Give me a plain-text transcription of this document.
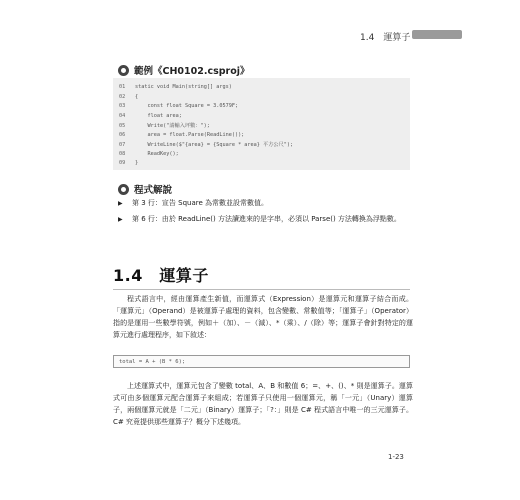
1.4　運算子
範例《CH0102.csproj》
01 static void Main(string[] args)
02 {
03    const float Square = 3.0579F;
04    float area;
05    Write("請輸入坪數：");
06    area = float.Parse(ReadLine());
07    WriteLine($"{area} = {Square * area} 平方公尺");
08    ReadKey();
09 }
程式解說
▶	第 3 行：宣告 Square 為常數並設常數值。
▶	第 6 行：由於 ReadLine() 方法讀進來的是字串，必須以 Parse() 方法轉換為浮點數。
1.4　運算子

程式語言中，經由運算產生新值，而運算式（Expression）是運算元和運算子結合而成。「運算元」（Operand）是被運算子處理的資料，包含變數、常數值等；「運算子」（Operator）指的是運用一些數學符號，例如＋（加）、－（減）、*（乘）、/（除）等；運算子會針對特定的運算元進行處理程序，如下敘述：

total = A + (B * 6);

上述運算式中，運算元包含了變數 total、A、B 和數值 6；=、+、()、* 則是運算子。運算式可由多個運算元配合運算子來組成；若運算子只使用一個運算元，稱「一元」（Unary）運算子，兩個運算元就是「二元」（Binary）運算子；「?：」則是 C# 程式語言中唯一的三元運算子。C# 究竟提供那些運算子？概分下述幾項。

1-23
